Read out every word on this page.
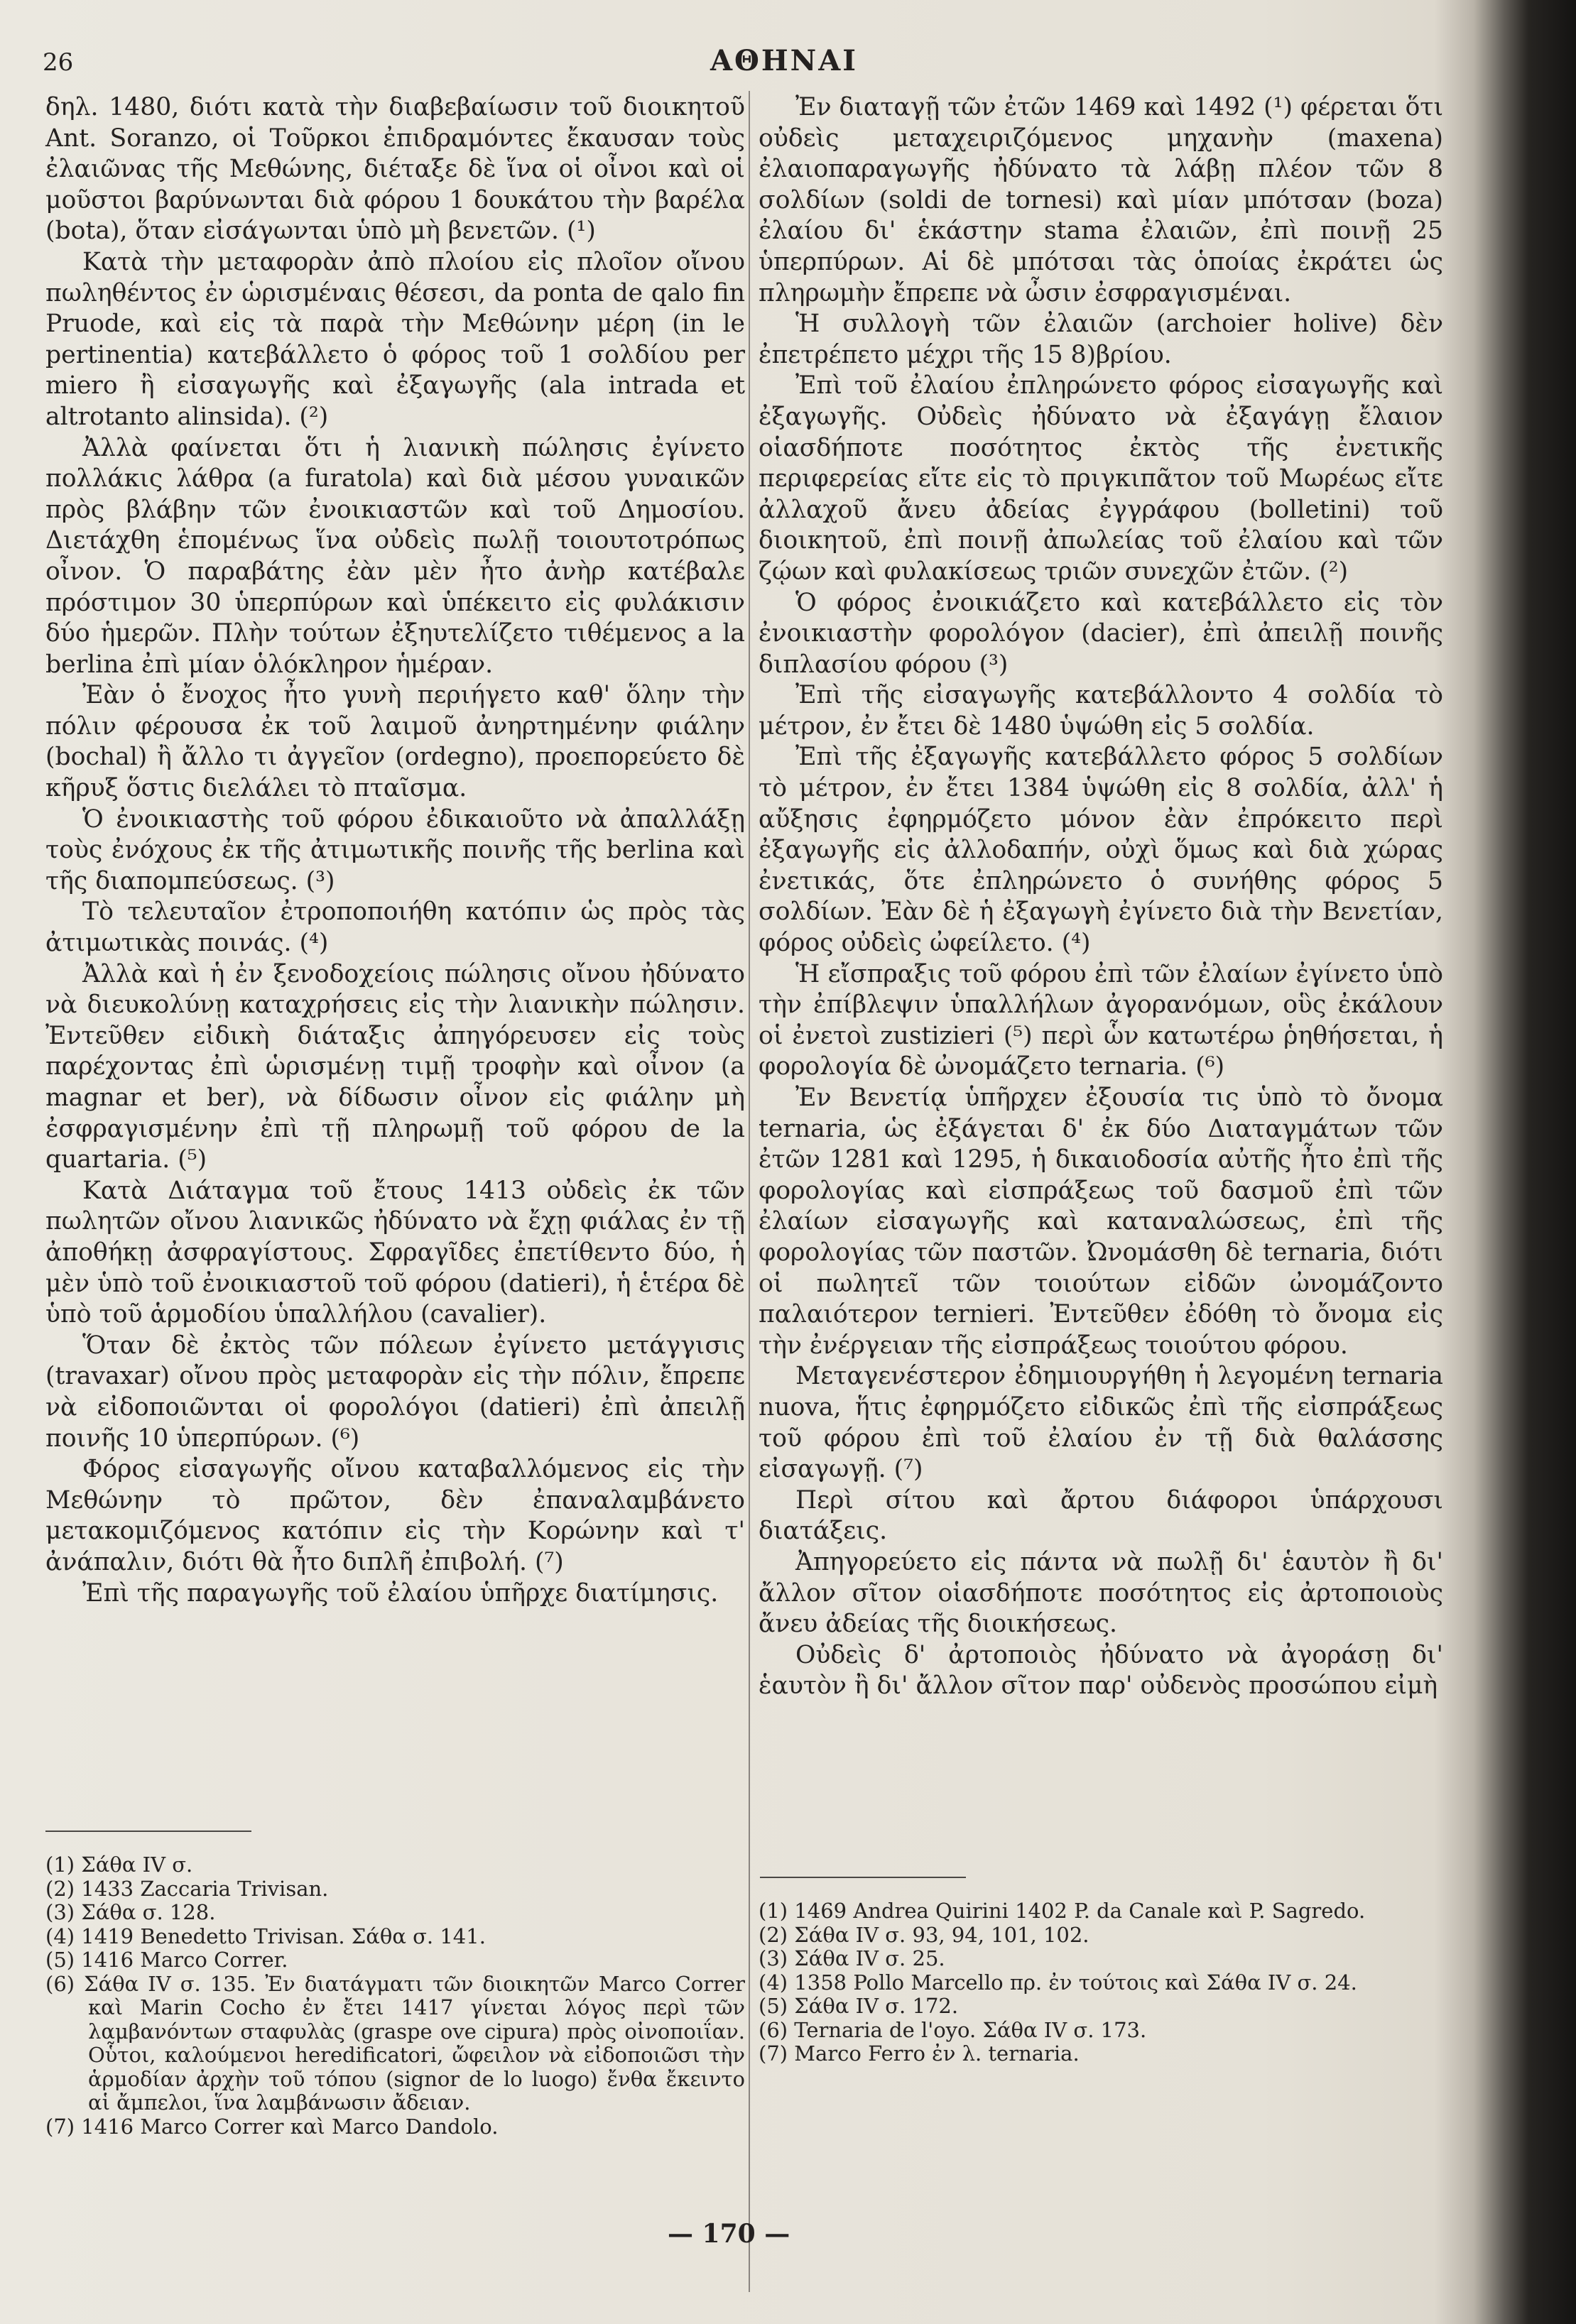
26	ΑΘΗΝΑΙ

δηλ. 1480, διότι κατὰ τὴν διαβεβαίωσιν τοῦ διοικητοῦ Ant. Soranzo, οἱ Τοῦρκοι ἐπιδραμόντες ἔκαυσαν τοὺς ἐλαιῶνας τῆς Μεθώνης, διέταξε δὲ ἵνα οἱ οἶνοι καὶ οἱ μοῦστοι βαρύνωνται διὰ φόρου 1 δουκάτου τὴν βαρέλα (bota), ὅταν εἰσάγωνται ὑπὸ μὴ βενετῶν. (¹)

Κατὰ τὴν μεταφορὰν ἀπὸ πλοίου εἰς πλοῖον οἴνου πωληθέντος ἐν ὡρισμέναις θέσεσι, da ponta de qalo fin Pruode, καὶ εἰς τὰ παρὰ τὴν Μεθώνην μέρη (in le pertinentia) κατεβάλλετο ὁ φόρος τοῦ 1 σολδίου per miero ἢ εἰσαγωγῆς καὶ ἐξαγωγῆς (ala intrada et altrotanto alinsida). (²)

Ἀλλὰ φαίνεται ὅτι ἡ λιανικὴ πώλησις ἐγίνετο πολλάκις λάθρα (a furatola) καὶ διὰ μέσου γυναικῶν πρὸς βλάβην τῶν ἐνοικιαστῶν καὶ τοῦ Δημοσίου. Διετάχθη ἑπομένως ἵνα οὐδεὶς πωλῇ τοιουτοτρόπως οἶνον. Ὁ παραβάτης ἐὰν μὲν ἦτο ἀνὴρ κατέβαλε πρόστιμον 30 ὑπερπύρων καὶ ὑπέκειτο εἰς φυλάκισιν δύο ἡμερῶν. Πλὴν τούτων ἐξηυτελίζετο τιθέμενος a la berlina ἐπὶ μίαν ὁλόκληρον ἡμέραν.

Ἐὰν ὁ ἔνοχος ἦτο γυνὴ περιήγετο καθ' ὅλην τὴν πόλιν φέρουσα ἐκ τοῦ λαιμοῦ ἀνηρτημένην φιάλην (bochal) ἢ ἄλλο τι ἀγγεῖον (ordegno), προεπορεύετο δὲ κῆρυξ ὅστις διελάλει τὸ πταῖσμα.

Ὁ ἐνοικιαστὴς τοῦ φόρου ἐδικαιοῦτο νὰ ἀπαλλάξῃ τοὺς ἐνόχους ἐκ τῆς ἀτιμωτικῆς ποινῆς τῆς berlina καὶ τῆς διαπομπεύσεως. (³)

Τὸ τελευταῖον ἐτροποποιήθη κατόπιν ὡς πρὸς τὰς ἀτιμωτικὰς ποινάς. (⁴)

Ἀλλὰ καὶ ἡ ἐν ξενοδοχείοις πώλησις οἴνου ἠδύνατο νὰ διευκολύνῃ καταχρήσεις εἰς τὴν λιανικὴν πώλησιν. Ἐντεῦθεν εἰδικὴ διάταξις ἀπηγόρευσεν εἰς τοὺς παρέχοντας ἐπὶ ὡρισμένῃ τιμῇ τροφὴν καὶ οἶνον (a magnar et ber), νὰ δίδωσιν οἶνον εἰς φιάλην μὴ ἐσφραγισμένην ἐπὶ τῇ πληρωμῇ τοῦ φόρου de la quartaria. (⁵)

Κατὰ Διάταγμα τοῦ ἔτους 1413 οὐδεὶς ἐκ τῶν πωλητῶν οἴνου λιανικῶς ἠδύνατο νὰ ἔχῃ φιάλας ἐν τῇ ἀποθήκῃ ἀσφραγίστους. Σφραγῖδες ἐπετίθεντο δύο, ἡ μὲν ὑπὸ τοῦ ἐνοικιαστοῦ τοῦ φόρου (datieri), ἡ ἑτέρα δὲ ὑπὸ τοῦ ἁρμοδίου ὑπαλλήλου (cavalier).

Ὅταν δὲ ἐκτὸς τῶν πόλεων ἐγίνετο μετάγγισις (travaxar) οἴνου πρὸς μεταφορὰν εἰς τὴν πόλιν, ἔπρεπε νὰ εἰδοποιῶνται οἱ φορολόγοι (datieri) ἐπὶ ἀπειλῇ ποινῆς 10 ὑπερπύρων. (⁶)

Φόρος εἰσαγωγῆς οἴνου καταβαλλόμενος εἰς τὴν Μεθώνην τὸ πρῶτον, δὲν ἐπαναλαμβάνετο μετακομιζόμενος κατόπιν εἰς τὴν Κορώνην καὶ τ' ἀνάπαλιν, διότι θὰ ἦτο διπλῆ ἐπιβολή. (⁷)

Ἐπὶ τῆς παραγωγῆς τοῦ ἐλαίου ὑπῆρχε διατίμησις.

Ἐν διαταγῇ τῶν ἐτῶν 1469 καὶ 1492 (¹) φέρεται ὅτι οὐδεὶς μεταχειριζόμενος μηχανὴν (maxena) ἐλαιοπαραγωγῆς ἠδύνατο τὰ λάβῃ πλέον τῶν 8 σολδίων (soldi de tornesi) καὶ μίαν μπότσαν (boza) ἐλαίου δι' ἑκάστην stama ἐλαιῶν, ἐπὶ ποινῇ 25 ὑπερπύρων. Αἱ δὲ μπότσαι τὰς ὁποίας ἐκράτει ὡς πληρωμὴν ἔπρεπε νὰ ὦσιν ἐσφραγισμέναι.

Ἡ συλλογὴ τῶν ἐλαιῶν (archoier holive) δὲν ἐπετρέπετο μέχρι τῆς 15 8)βρίου.

Ἐπὶ τοῦ ἐλαίου ἐπληρώνετο φόρος εἰσαγωγῆς καὶ ἐξαγωγῆς. Οὐδεὶς ἠδύνατο νὰ ἐξαγάγῃ ἔλαιον οἱασδήποτε ποσότητος ἐκτὸς τῆς ἐνετικῆς περιφερείας εἴτε εἰς τὸ πριγκιπᾶτον τοῦ Μωρέως εἴτε ἀλλαχοῦ ἄνευ ἀδείας ἐγγράφου (bolletini) τοῦ διοικητοῦ, ἐπὶ ποινῇ ἀπωλείας τοῦ ἐλαίου καὶ τῶν ζῴων καὶ φυλακίσεως τριῶν συνεχῶν ἐτῶν. (²)

Ὁ φόρος ἐνοικιάζετο καὶ κατεβάλλετο εἰς τὸν ἐνοικιαστὴν φορολόγον (dacier), ἐπὶ ἀπειλῇ ποινῆς διπλασίου φόρου (³)

Ἐπὶ τῆς εἰσαγωγῆς κατεβάλλοντο 4 σολδία τὸ μέτρον, ἐν ἔτει δὲ 1480 ὑψώθη εἰς 5 σολδία.

Ἐπὶ τῆς ἐξαγωγῆς κατεβάλλετο φόρος 5 σολδίων τὸ μέτρον, ἐν ἔτει 1384 ὑψώθη εἰς 8 σολδία, ἀλλ' ἡ αὔξησις ἐφηρμόζετο μόνον ἐὰν ἐπρόκειτο περὶ ἐξαγωγῆς εἰς ἀλλοδαπήν, οὐχὶ ὅμως καὶ διὰ χώρας ἐνετικάς, ὅτε ἐπληρώνετο ὁ συνήθης φόρος 5 σολδίων. Ἐὰν δὲ ἡ ἐξαγωγὴ ἐγίνετο διὰ τὴν Βενετίαν, φόρος οὐδεὶς ὠφείλετο. (⁴)

Ἡ εἴσπραξις τοῦ φόρου ἐπὶ τῶν ἐλαίων ἐγίνετο ὑπὸ τὴν ἐπίβλεψιν ὑπαλλήλων ἀγορανόμων, οὓς ἐκάλουν οἱ ἐνετοὶ zustizieri (⁵) περὶ ὧν κατωτέρω ῥηθήσεται, ἡ φορολογία δὲ ὠνομάζετο ternaria. (⁶)

Ἐν Βενετίᾳ ὑπῆρχεν ἐξουσία τις ὑπὸ τὸ ὄνομα ternaria, ὡς ἐξάγεται δ' ἐκ δύο Διαταγμάτων τῶν ἐτῶν 1281 καὶ 1295, ἡ δικαιοδοσία αὐτῆς ἦτο ἐπὶ τῆς φορολογίας καὶ εἰσπράξεως τοῦ δασμοῦ ἐπὶ τῶν ἐλαίων εἰσαγωγῆς καὶ καταναλώσεως, ἐπὶ τῆς φορολογίας τῶν παστῶν. Ὠνομάσθη δὲ ternaria, διότι οἱ πωλητεῖ τῶν τοιούτων εἰδῶν ὠνομάζοντο παλαιότερον ternieri. Ἐντεῦθεν ἐδόθη τὸ ὄνομα εἰς τὴν ἐνέργειαν τῆς εἰσπράξεως τοιούτου φόρου.

Μεταγενέστερον ἐδημιουργήθη ἡ λεγομένη ternaria nuova, ἥτις ἐφηρμόζετο εἰδικῶς ἐπὶ τῆς εἰσπράξεως τοῦ φόρου ἐπὶ τοῦ ἐλαίου ἐν τῇ διὰ θαλάσσης εἰσαγωγῇ. (⁷)

Περὶ σίτου καὶ ἄρτου διάφοροι ὑπάρχουσι διατάξεις.

Ἀπηγορεύετο εἰς πάντα νὰ πωλῇ δι' ἑαυτὸν ἢ δι' ἄλλον σῖτον οἱασδήποτε ποσότητος εἰς ἀρτοποιοὺς ἄνευ ἀδείας τῆς διοικήσεως.

Οὐδεὶς δ' ἀρτοποιὸς ἠδύνατο νὰ ἀγοράσῃ δι' ἑαυτὸν ἢ δι' ἄλλον σῖτον παρ' οὐδενὸς προσώπου εἰμὴ

(1) Σάθα IV σ.

(2) 1433 Zaccaria Trivisan.

(3) Σάθα σ. 128.

(4) 1419 Benedetto Trivisan. Σάθα σ. 141.

(5) 1416 Marco Correr.

(6) Σάθα IV σ. 135. Ἐν διατάγματι τῶν διοικητῶν Marco Correr καὶ Marin Cocho ἐν ἔτει 1417 γίνεται λόγος περὶ τῶν λαμβανόντων σταφυλὰς (graspe ove cipura) πρὸς οἰνοποιΐαν. Οὗτοι, καλούμενοι heredificatori, ὤφειλον νὰ εἰδοποιῶσι τὴν ἁρμοδίαν ἀρχὴν τοῦ τόπου (signor de lo luogo) ἔνθα ἔκειντο αἱ ἄμπελοι, ἵνα λαμβάνωσιν ἄδειαν.

(7) 1416 Marco Correr καὶ Marco Dandolo.

(1) 1469 Andrea Quirini 1402 P. da Canale καὶ P. Sagredo.

(2) Σάθα IV σ. 93, 94, 101, 102.

(3) Σάθα IV σ. 25.

(4) 1358 Pollo Marcello πρ. ἐν τούτοις καὶ Σάθα IV σ. 24.

(5) Σάθα IV σ. 172.

(6) Ternaria de l'oyo. Σάθα IV σ. 173.

(7) Marco Ferro ἐν λ. ternaria.

— 170 —
